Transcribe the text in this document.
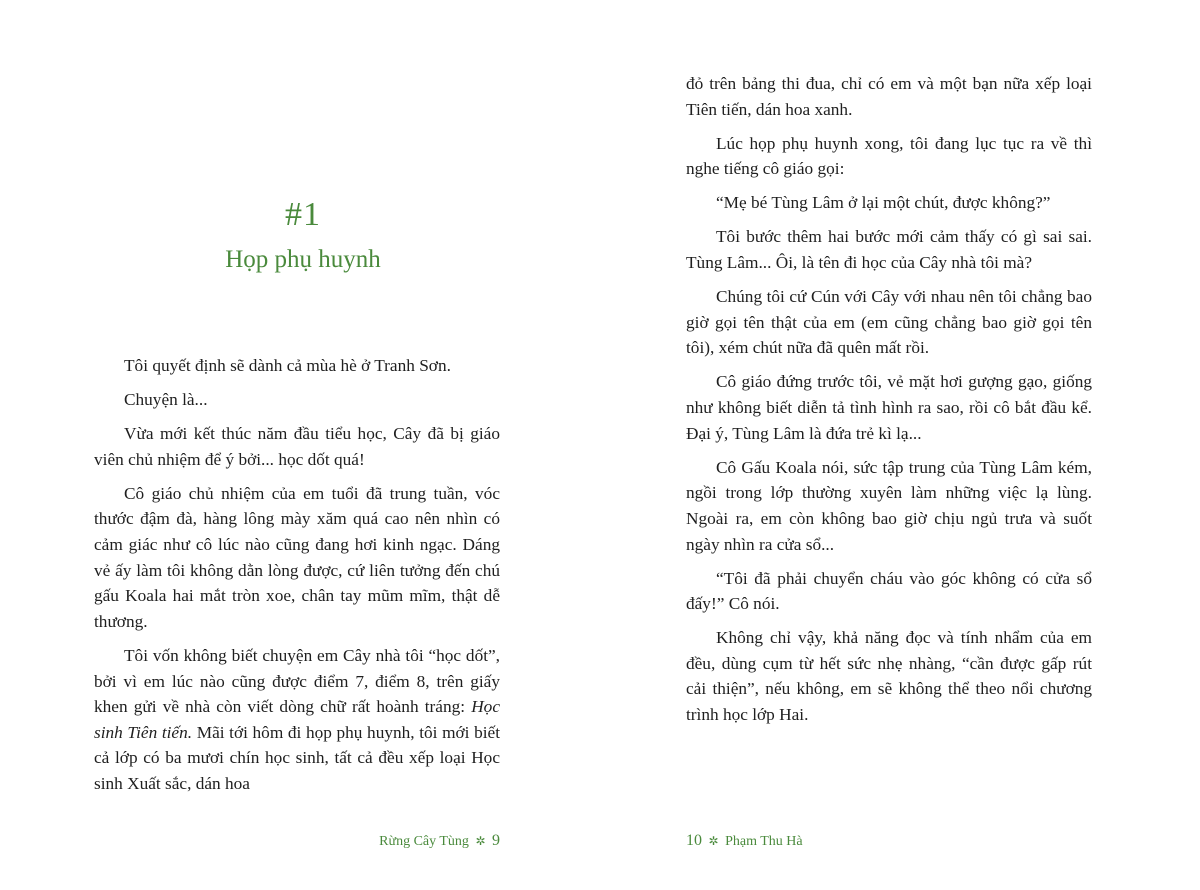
#1
Họp phụ huynh

Tôi quyết định sẽ dành cả mùa hè ở Tranh Sơn.

Chuyện là...

Vừa mới kết thúc năm đầu tiểu học, Cây đã bị giáo viên chủ nhiệm để ý bởi... học dốt quá!

Cô giáo chủ nhiệm của em tuổi đã trung tuần, vóc thước đậm đà, hàng lông mày xăm quá cao nên nhìn có cảm giác như cô lúc nào cũng đang hơi kinh ngạc. Dáng vẻ ấy làm tôi không dằn lòng được, cứ liên tưởng đến chú gấu Koala hai mắt tròn xoe, chân tay mũm mĩm, thật dễ thương.

Tôi vốn không biết chuyện em Cây nhà tôi “học dốt”, bởi vì em lúc nào cũng được điểm 7, điểm 8, trên giấy khen gửi về nhà còn viết dòng chữ rất hoành tráng: Học sinh Tiên tiến. Mãi tới hôm đi họp phụ huynh, tôi mới biết cả lớp có ba mươi chín học sinh, tất cả đều xếp loại Học sinh Xuất sắc, dán hoa

Rừng Cây Tùng ✲ 9

đỏ trên bảng thi đua, chỉ có em và một bạn nữa xếp loại Tiên tiến, dán hoa xanh.

Lúc họp phụ huynh xong, tôi đang lục tục ra về thì nghe tiếng cô giáo gọi:

“Mẹ bé Tùng Lâm ở lại một chút, được không?”

Tôi bước thêm hai bước mới cảm thấy có gì sai sai. Tùng Lâm... Ôi, là tên đi học của Cây nhà tôi mà?

Chúng tôi cứ Cún với Cây với nhau nên tôi chẳng bao giờ gọi tên thật của em (em cũng chẳng bao giờ gọi tên tôi), xém chút nữa đã quên mất rồi.

Cô giáo đứng trước tôi, vẻ mặt hơi gượng gạo, giống như không biết diễn tả tình hình ra sao, rồi cô bắt đầu kể. Đại ý, Tùng Lâm là đứa trẻ kì lạ...

Cô Gấu Koala nói, sức tập trung của Tùng Lâm kém, ngồi trong lớp thường xuyên làm những việc lạ lùng. Ngoài ra, em còn không bao giờ chịu ngủ trưa và suốt ngày nhìn ra cửa sổ...

“Tôi đã phải chuyển cháu vào góc không có cửa sổ đấy!” Cô nói.

Không chỉ vậy, khả năng đọc và tính nhẩm của em đều, dùng cụm từ hết sức nhẹ nhàng, “cần được gấp rút cải thiện”, nếu không, em sẽ không thể theo nổi chương trình học lớp Hai.

10 ✲ Phạm Thu Hà
